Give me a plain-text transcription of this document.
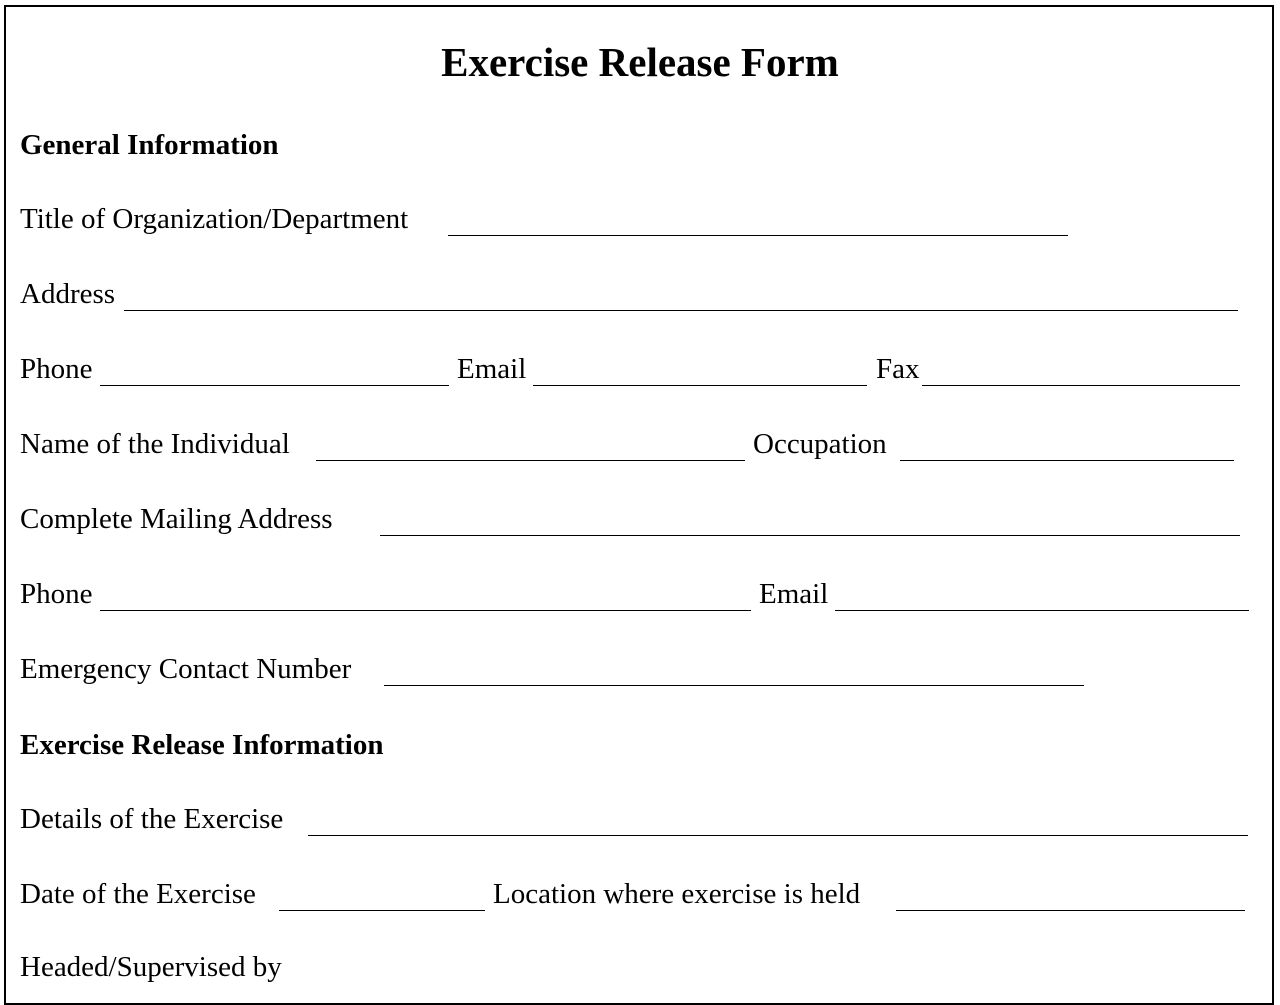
Exercise Release Form
General Information
Title of Organization/Department
Address
Phone	Email	Fax
Name of the Individual	Occupation
Complete Mailing Address
Phone	Email
Emergency Contact Number
Exercise Release Information
Details of the Exercise
Date of the Exercise	Location where exercise is held
Headed/Supervised by
